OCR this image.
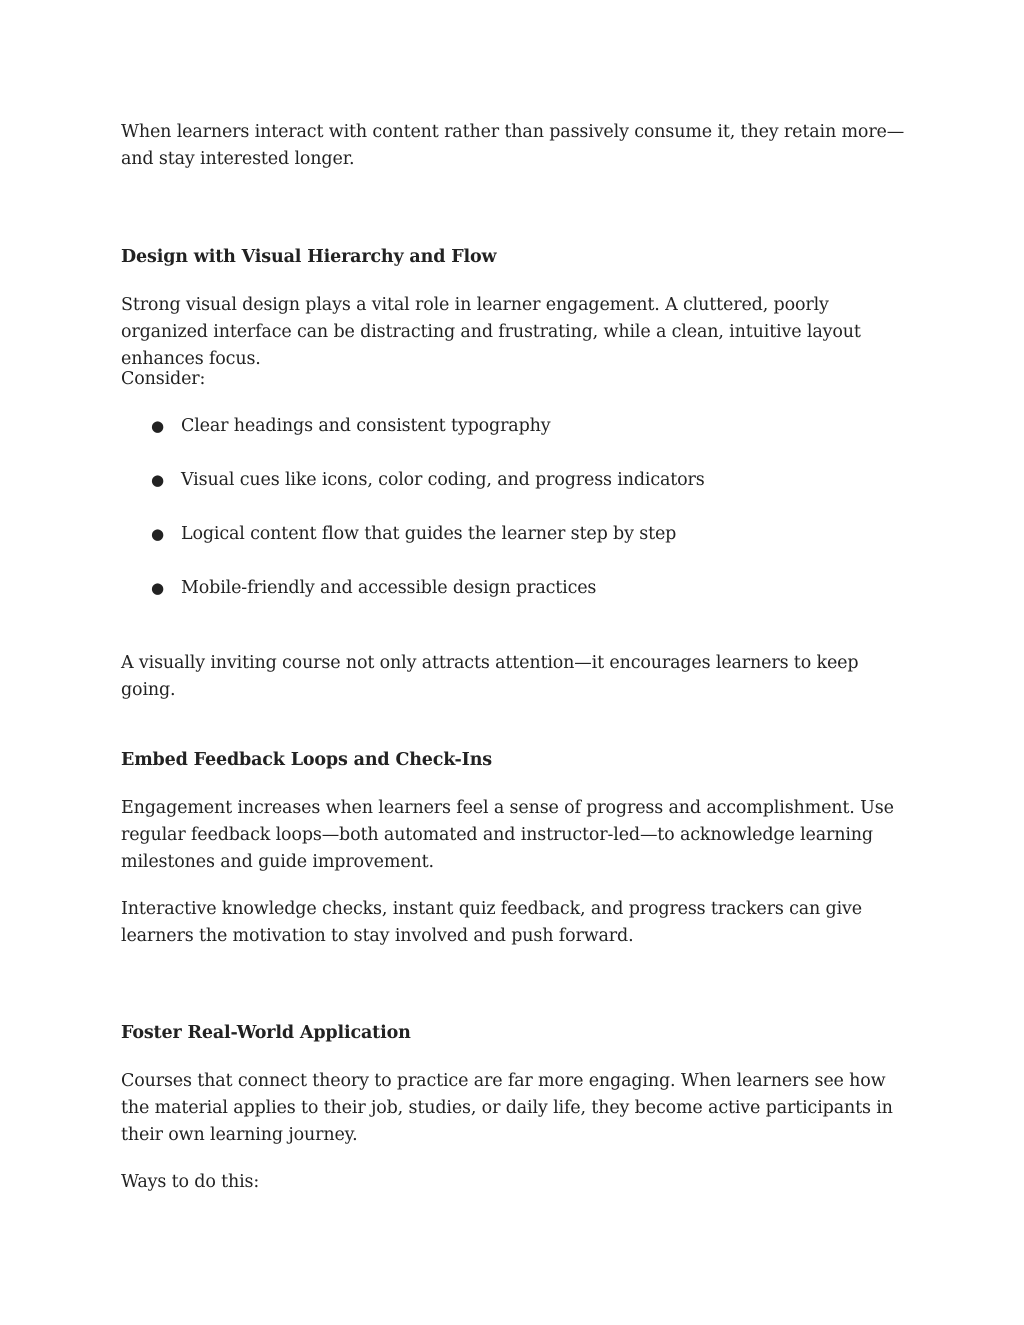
When learners interact with content rather than passively consume it, they retain more—and stay interested longer.

Design with Visual Hierarchy and Flow

Strong visual design plays a vital role in learner engagement. A cluttered, poorly organized interface can be distracting and frustrating, while a clean, intuitive layout enhances focus.

Consider:

● Clear headings and consistent typography
● Visual cues like icons, color coding, and progress indicators
● Logical content flow that guides the learner step by step
● Mobile-friendly and accessible design practices

A visually inviting course not only attracts attention—it encourages learners to keep going.

Embed Feedback Loops and Check-Ins

Engagement increases when learners feel a sense of progress and accomplishment. Use regular feedback loops—both automated and instructor-led—to acknowledge learning milestones and guide improvement.

Interactive knowledge checks, instant quiz feedback, and progress trackers can give learners the motivation to stay involved and push forward.

Foster Real-World Application

Courses that connect theory to practice are far more engaging. When learners see how the material applies to their job, studies, or daily life, they become active participants in their own learning journey.

Ways to do this:
